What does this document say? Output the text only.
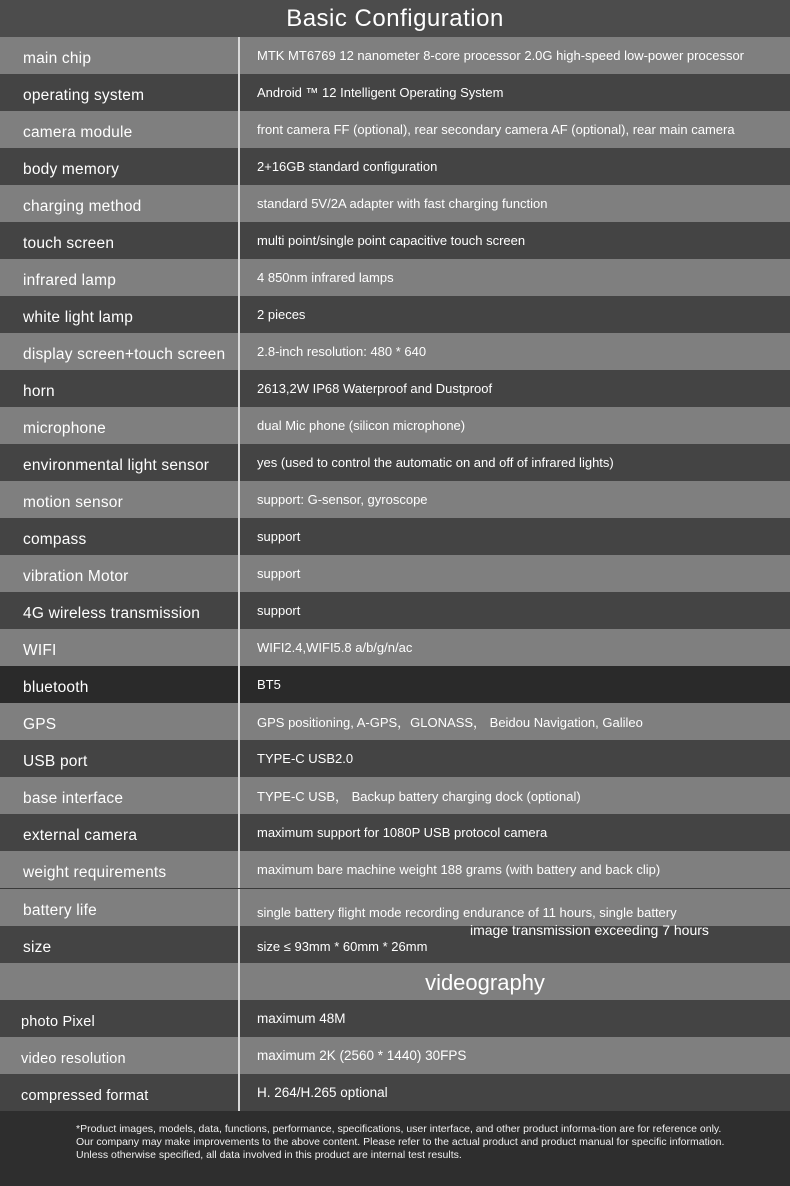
Basic Configuration
main chip	MTK MT6769 12 nanometer 8-core processor 2.0G high-speed low-power processor
operating system	Android ™ 12 Intelligent Operating System
camera module	front camera FF (optional), rear secondary camera AF (optional), rear main camera
body memory	2+16GB standard configuration
charging method	standard 5V/2A adapter with fast charging function
touch screen	multi point/single point capacitive touch screen
infrared lamp	4 850nm infrared lamps
white light lamp	2 pieces
display screen+touch screen	2.8-inch resolution: 480 * 640
horn	2613,2W IP68 Waterproof and Dustproof
microphone	dual Mic phone (silicon microphone)
environmental light sensor	yes (used to control the automatic on and off of infrared lights)
motion sensor	support: G-sensor, gyroscope
compass	support
vibration Motor	support
4G wireless transmission	support
WIFI	WIFI2.4,WIFI5.8 a/b/g/n/ac
bluetooth	BT5
GPS	GPS positioning, A-GPS，GLONASS， Beidou Navigation, Galileo
USB port	TYPE-C USB2.0
base interface	TYPE-C USB， Backup battery charging dock (optional)
external camera	maximum support for 1080P USB protocol camera
weight requirements	maximum bare machine weight 188 grams (with battery and back clip)
battery life	single battery flight mode recording endurance of 11 hours, single battery
image transmission exceeding 7 hours
size	size ≤ 93mm * 60mm * 26mm
videography
photo Pixel	maximum 48M
video resolution	maximum 2K (2560 * 1440) 30FPS
compressed format	H. 264/H.265 optional
*Product images, models, data, functions, performance, specifications, user interface, and other product informa-tion are for reference only. Our company may make improvements to the above content. Please refer to the actual product and product manual for specific information. Unless otherwise specified, all data involved in this product are internal test results.
